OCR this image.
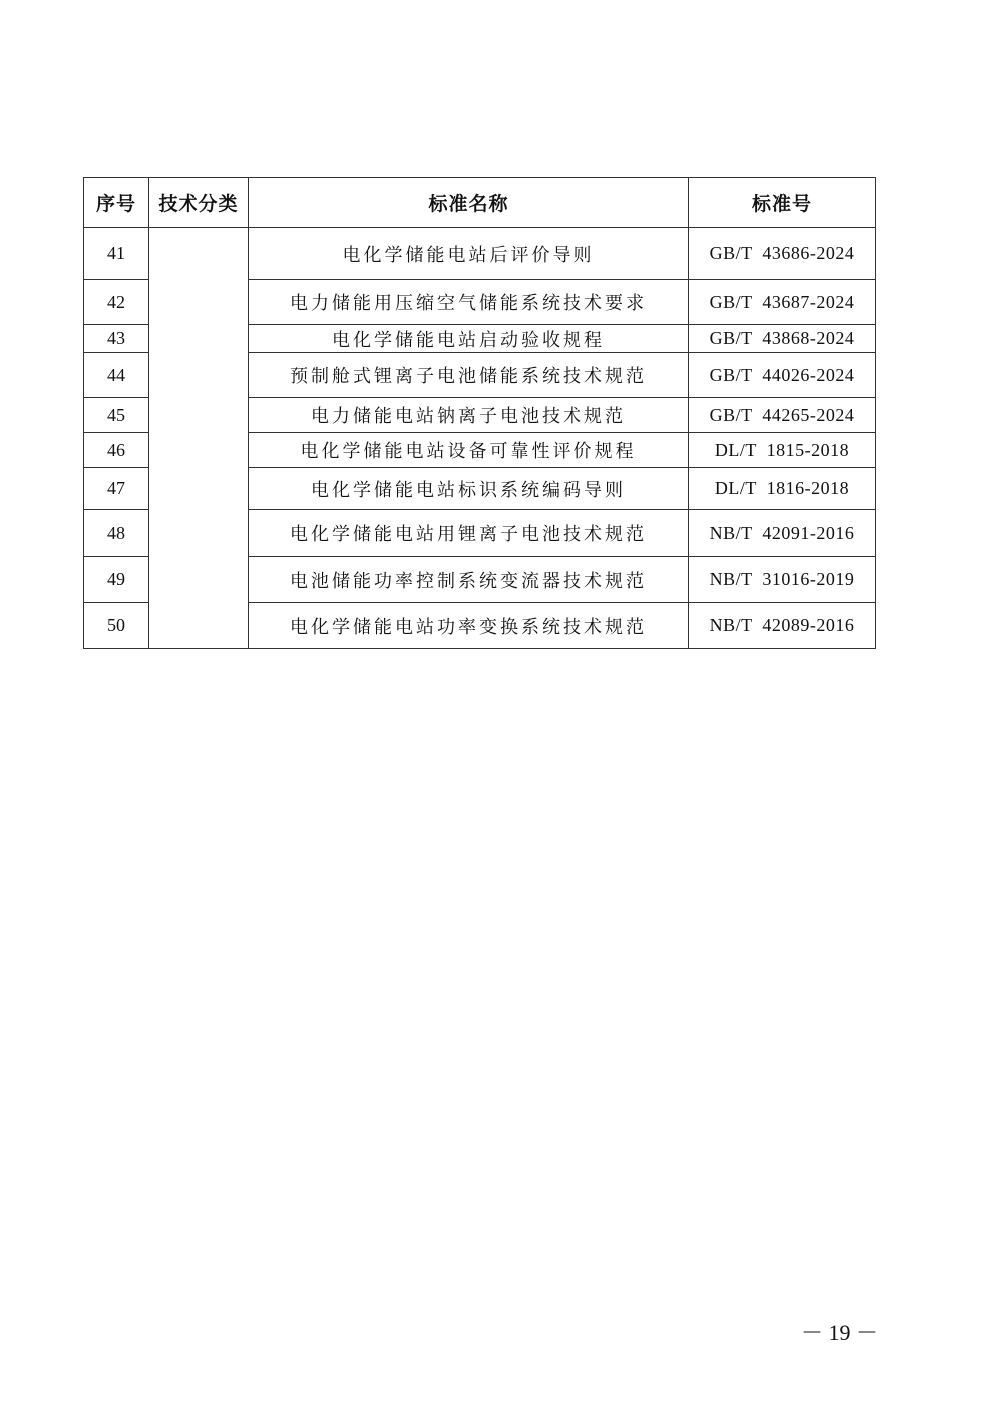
序号	技术分类	标准名称	标准号
41		电化学储能电站后评价导则	GB/T  43686-2024
42		电力储能用压缩空气储能系统技术要求	GB/T  43687-2024
43		电化学储能电站启动验收规程	GB/T  43868-2024
44		预制舱式锂离子电池储能系统技术规范	GB/T  44026-2024
45		电力储能电站钠离子电池技术规范	GB/T  44265-2024
46		电化学储能电站设备可靠性评价规程	DL/T  1815-2018
47		电化学储能电站标识系统编码导则	DL/T  1816-2018
48		电化学储能电站用锂离子电池技术规范	NB/T  42091-2016
49		电池储能功率控制系统变流器技术规范	NB/T  31016-2019
50		电化学储能电站功率变换系统技术规范	NB/T  42089-2016
－ 19 －
